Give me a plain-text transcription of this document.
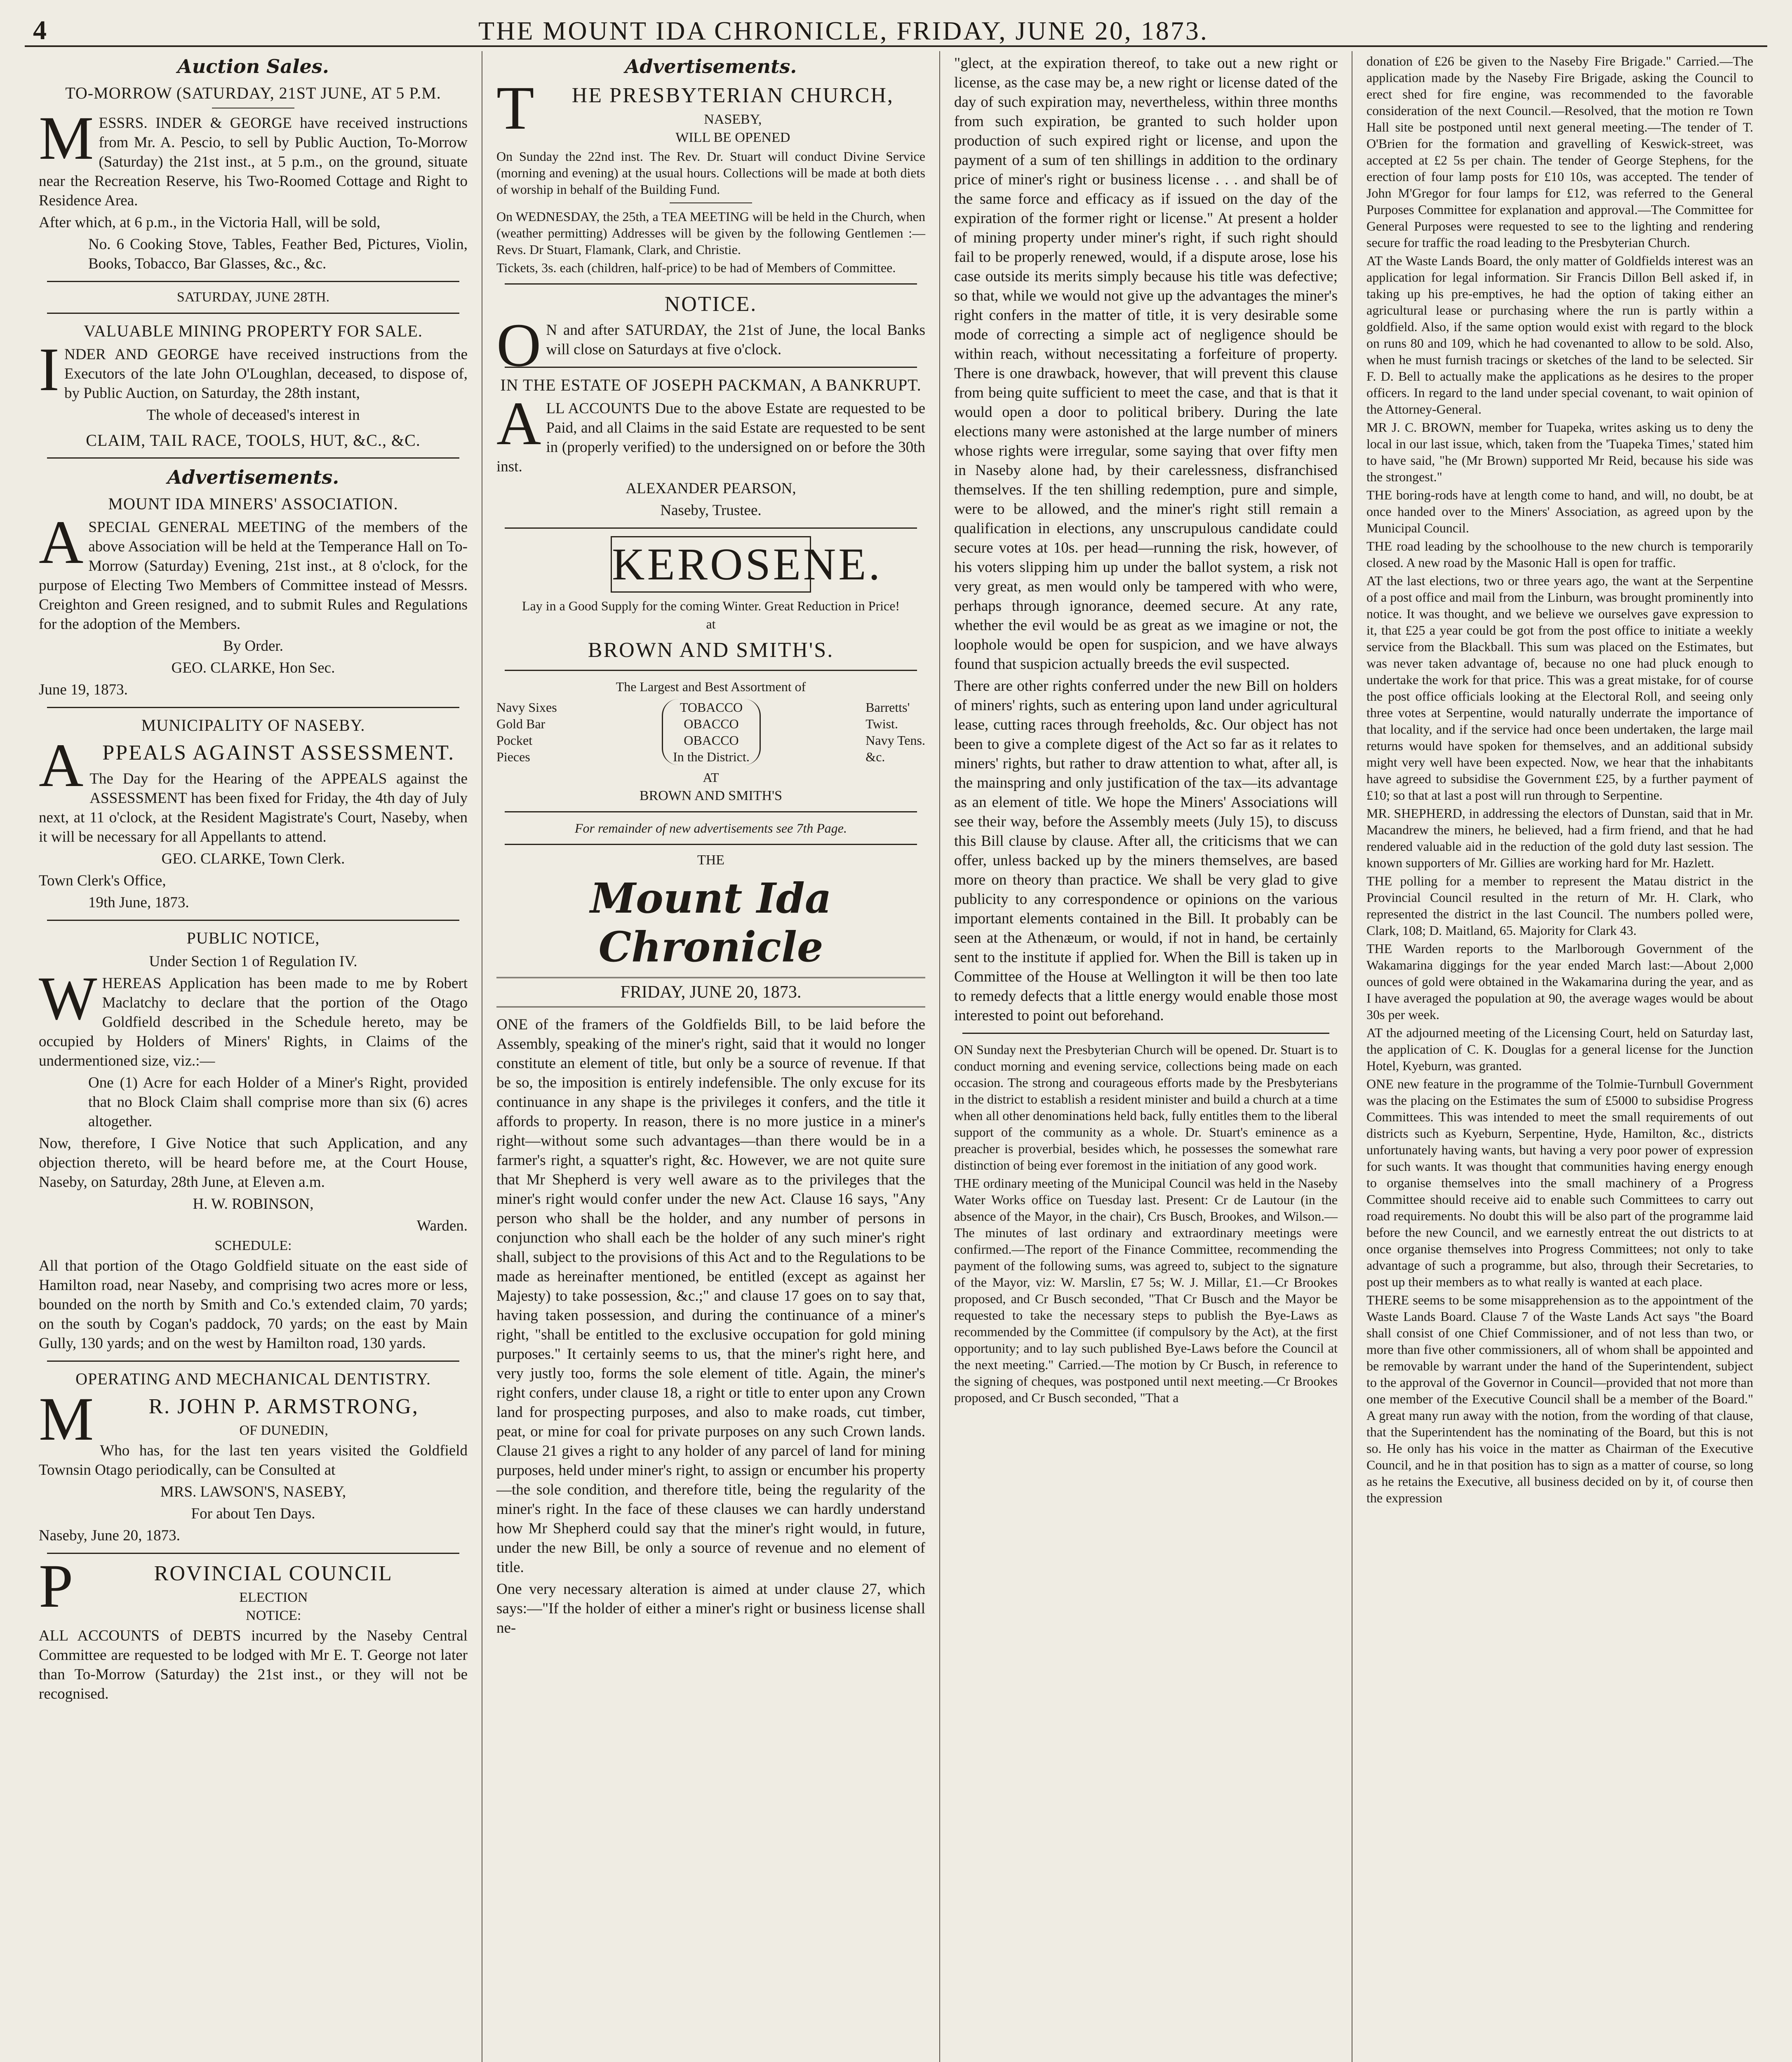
4	THE MOUNT IDA CHRONICLE, FRIDAY, JUNE 20, 1873.
Auction Sales.
TO-MORROW (SATURDAY, 21ST JUNE, AT 5 P.M.

MESSRS. INDER & GEORGE have received instructions from Mr. A. Pescio, to sell by Public Auction, To-Morrow (Saturday) the 21st inst., at 5 p.m., on the ground, situate near the Recreation Reserve, his Two-Roomed Cottage and Right to Residence Area.

After which, at 6 p.m., in the Victoria Hall, will be sold,

No. 6 Cooking Stove, Tables, Feather Bed, Pictures, Violin, Books, Tobacco, Bar Glasses, &c., &c.

SATURDAY, JUNE 28TH.
VALUABLE MINING PROPERTY FOR SALE.

INDER AND GEORGE have received instructions from the Executors of the late John O'Loughlan, deceased, to dispose of, by Public Auction, on Saturday, the 28th instant,

The whole of deceased's interest in

CLAIM, TAIL RACE, TOOLS, HUT, &C., &C.
Advertisements.
MOUNT IDA MINERS' ASSOCIATION.

ASPECIAL GENERAL MEETING of the members of the above Association will be held at the Temperance Hall on To-Morrow (Saturday) Evening, 21st inst., at 8 o'clock, for the purpose of Electing Two Members of Committee instead of Messrs. Creighton and Green resigned, and to submit Rules and Regulations for the adoption of the Members.

By Order.

GEO. CLARKE, Hon Sec.

June 19, 1873.

MUNICIPALITY OF NASEBY.
APPEALS AGAINST ASSESSMENT.

The Day for the Hearing of the APPEALS against the ASSESSMENT has been fixed for Friday, the 4th day of July next, at 11 o'clock, at the Resident Magistrate's Court, Naseby, when it will be necessary for all Appellants to attend.

GEO. CLARKE, Town Clerk.

Town Clerk's Office,

19th June, 1873.

PUBLIC NOTICE,

Under Section 1 of Regulation IV.

WHEREAS Application has been made to me by Robert Maclatchy to declare that the portion of the Otago Goldfield described in the Schedule hereto, may be occupied by Holders of Miners' Rights, in Claims of the undermentioned size, viz.:—

One (1) Acre for each Holder of a Miner's Right, provided that no Block Claim shall comprise more than six (6) acres altogether.

Now, therefore, I Give Notice that such Application, and any objection thereto, will be heard before me, at the Court House, Naseby, on Saturday, 28th June, at Eleven a.m.

H. W. ROBINSON,

Warden.

SCHEDULE:

All that portion of the Otago Goldfield situate on the east side of Hamilton road, near Naseby, and comprising two acres more or less, bounded on the north by Smith and Co.'s extended claim, 70 yards; on the south by Cogan's paddock, 70 yards; on the east by Main Gully, 130 yards; and on the west by Hamilton road, 130 yards.

OPERATING AND MECHANICAL DENTISTRY.
MR. JOHN P. ARMSTRONG,
OF DUNEDIN,

Who has, for the last ten years visited the Goldfield Townsin Otago periodically, can be Consulted at

MRS. LAWSON'S, NASEBY,

For about Ten Days.

Naseby, June 20, 1873.

PROVINCIAL COUNCIL
ELECTION
NOTICE:

ALL ACCOUNTS of DEBTS incurred by the Naseby Central Committee are requested to be lodged with Mr E. T. George not later than To-Morrow (Saturday) the 21st inst., or they will not be recognised.

Advertisements.
THE PRESBYTERIAN CHURCH,
NASEBY,
WILL BE OPENED

On Sunday the 22nd inst. The Rev. Dr. Stuart will conduct Divine Service (morning and evening) at the usual hours. Collections will be made at both diets of worship in behalf of the Building Fund.

On WEDNESDAY, the 25th, a TEA MEETING will be held in the Church, when (weather permitting) Addresses will be given by the following Gentlemen :— Revs. Dr Stuart, Flamank, Clark, and Christie.

Tickets, 3s. each (children, half-price) to be had of Members of Committee.

NOTICE.

ON and after SATURDAY, the 21st of June, the local Banks will close on Saturdays at five o'clock.

IN THE ESTATE OF JOSEPH PACKMAN, A BANKRUPT.

ALL ACCOUNTS Due to the above Estate are requested to be Paid, and all Claims in the said Estate are requested to be sent in (properly verified) to the undersigned on or before the 30th inst.

ALEXANDER PEARSON,

Naseby, Trustee.

KEROSENE.

Lay in a Good Supply for the coming Winter. Great Reduction in Price!

at

BROWN AND SMITH'S.

The Largest and Best Assortment of

Navy Sixes
Gold Bar
Pocket
Pieces
TOBACCO
OBACCO
OBACCO
In the District.
Barretts'
Twist.
Navy Tens.
&c.

AT

BROWN AND SMITH'S

For remainder of new advertisements see 7th Page.

THE
Mount Ida Chronicle
FRIDAY, JUNE 20, 1873.

ONE of the framers of the Goldfields Bill, to be laid before the Assembly, speaking of the miner's right, said that it would no longer constitute an element of title, but only be a source of revenue. If that be so, the imposition is entirely indefensible. The only excuse for its continuance in any shape is the privileges it confers, and the title it affords to property. In reason, there is no more justice in a miner's right—without some such advantages—than there would be in a farmer's right, a squatter's right, &c. However, we are not quite sure that Mr Shepherd is very well aware as to the privileges that the miner's right would confer under the new Act. Clause 16 says, "Any person who shall be the holder, and any number of persons in conjunction who shall each be the holder of any such miner's right shall, subject to the provisions of this Act and to the Regulations to be made as hereinafter mentioned, be entitled (except as against her Majesty) to take possession, &c.;" and clause 17 goes on to say that, having taken possession, and during the continuance of a miner's right, "shall be entitled to the exclusive occupation for gold mining purposes." It certainly seems to us, that the miner's right here, and very justly too, forms the sole element of title. Again, the miner's right confers, under clause 18, a right or title to enter upon any Crown land for prospecting purposes, and also to make roads, cut timber, peat, or mine for coal for private purposes on any such Crown lands. Clause 21 gives a right to any holder of any parcel of land for mining purposes, held under miner's right, to assign or encumber his property—the sole condition, and therefore title, being the regularity of the miner's right. In the face of these clauses we can hardly understand how Mr Shepherd could say that the miner's right would, in future, under the new Bill, be only a source of revenue and no element of title.

One very necessary alteration is aimed at under clause 27, which says:—"If the holder of either a miner's right or business license shall ne-

"glect, at the expiration thereof, to take out a new right or license, as the case may be, a new right or license dated of the day of such expiration may, nevertheless, within three months from such expiration, be granted to such holder upon production of such expired right or license, and upon the payment of a sum of ten shillings in addition to the ordinary price of miner's right or business license . . . and shall be of the same force and efficacy as if issued on the day of the expiration of the former right or license." At present a holder of mining property under miner's right, if such right should fail to be properly renewed, would, if a dispute arose, lose his case outside its merits simply because his title was defective; so that, while we would not give up the advantages the miner's right confers in the matter of title, it is very desirable some mode of correcting a simple act of negligence should be within reach, without necessitating a forfeiture of property. There is one drawback, however, that will prevent this clause from being quite sufficient to meet the case, and that is that it would open a door to political bribery. During the late elections many were astonished at the large number of miners whose rights were irregular, some saying that over fifty men in Naseby alone had, by their carelessness, disfranchised themselves. If the ten shilling redemption, pure and simple, were to be allowed, and the miner's right still remain a qualification in elections, any unscrupulous candidate could secure votes at 10s. per head—running the risk, however, of his voters slipping him up under the ballot system, a risk not very great, as men would only be tampered with who were, perhaps through ignorance, deemed secure. At any rate, whether the evil would be as great as we imagine or not, the loophole would be open for suspicion, and we have always found that suspicion actually breeds the evil suspected.

There are other rights conferred under the new Bill on holders of miners' rights, such as entering upon land under agricultural lease, cutting races through freeholds, &c. Our object has not been to give a complete digest of the Act so far as it relates to miners' rights, but rather to draw attention to what, after all, is the mainspring and only justification of the tax—its advantage as an element of title. We hope the Miners' Associations will see their way, before the Assembly meets (July 15), to discuss this Bill clause by clause. After all, the criticisms that we can offer, unless backed up by the miners themselves, are based more on theory than practice. We shall be very glad to give publicity to any correspondence or opinions on the various important elements contained in the Bill. It probably can be seen at the Athenæum, or would, if not in hand, be certainly sent to the institute if applied for. When the Bill is taken up in Committee of the House at Wellington it will be then too late to remedy defects that a little energy would enable those most interested to point out beforehand.

ON Sunday next the Presbyterian Church will be opened. Dr. Stuart is to conduct morning and evening service, collections being made on each occasion. The strong and courageous efforts made by the Presbyterians in the district to establish a resident minister and build a church at a time when all other denominations held back, fully entitles them to the liberal support of the community as a whole. Dr. Stuart's eminence as a preacher is proverbial, besides which, he possesses the somewhat rare distinction of being ever foremost in the initiation of any good work.

THE ordinary meeting of the Municipal Council was held in the Naseby Water Works office on Tuesday last. Present: Cr de Lautour (in the absence of the Mayor, in the chair), Crs Busch, Brookes, and Wilson.—The minutes of last ordinary and extraordinary meetings were confirmed.—The report of the Finance Committee, recommending the payment of the following sums, was agreed to, subject to the signature of the Mayor, viz: W. Marslin, £7 5s; W. J. Millar, £1.—Cr Brookes proposed, and Cr Busch seconded, "That Cr Busch and the Mayor be requested to take the necessary steps to publish the Bye-Laws as recommended by the Committee (if compulsory by the Act), at the first opportunity; and to lay such published Bye-Laws before the Council at the next meeting." Carried.—The motion by Cr Busch, in reference to the signing of cheques, was postponed until next meeting.—Cr Brookes proposed, and Cr Busch seconded, "That a

donation of £26 be given to the Naseby Fire Brigade." Carried.—The application made by the Naseby Fire Brigade, asking the Council to erect shed for fire engine, was recommended to the favorable consideration of the next Council.—Resolved, that the motion re Town Hall site be postponed until next general meeting.—The tender of T. O'Brien for the formation and gravelling of Keswick-street, was accepted at £2 5s per chain. The tender of George Stephens, for the erection of four lamp posts for £10 10s, was accepted. The tender of John M'Gregor for four lamps for £12, was referred to the General Purposes Committee for explanation and approval.—The Committee for General Purposes were requested to see to the lighting and rendering secure for traffic the road leading to the Presbyterian Church.

AT the Waste Lands Board, the only matter of Goldfields interest was an application for legal information. Sir Francis Dillon Bell asked if, in taking up his pre-emptives, he had the option of taking either an agricultural lease or purchasing where the run is partly within a goldfield. Also, if the same option would exist with regard to the block on runs 80 and 109, which he had covenanted to allow to be sold. Also, when he must furnish tracings or sketches of the land to be selected. Sir F. D. Bell to actually make the applications as he desires to the proper officers. In regard to the land under special covenant, to wait opinion of the Attorney-General.

MR J. C. BROWN, member for Tuapeka, writes asking us to deny the local in our last issue, which, taken from the 'Tuapeka Times,' stated him to have said, "he (Mr Brown) supported Mr Reid, because his side was the strongest."

THE boring-rods have at length come to hand, and will, no doubt, be at once handed over to the Miners' Association, as agreed upon by the Municipal Council.

THE road leading by the schoolhouse to the new church is temporarily closed. A new road by the Masonic Hall is open for traffic.

AT the last elections, two or three years ago, the want at the Serpentine of a post office and mail from the Linburn, was brought prominently into notice. It was thought, and we believe we ourselves gave expression to it, that £25 a year could be got from the post office to initiate a weekly service from the Blackball. This sum was placed on the Estimates, but was never taken advantage of, because no one had pluck enough to undertake the work for that price. This was a great mistake, for of course the post office officials looking at the Electoral Roll, and seeing only three votes at Serpentine, would naturally underrate the importance of that locality, and if the service had once been undertaken, the large mail returns would have spoken for themselves, and an additional subsidy might very well have been expected. Now, we hear that the inhabitants have agreed to subsidise the Government £25, by a further payment of £10; so that at last a post will run through to Serpentine.

MR. SHEPHERD, in addressing the electors of Dunstan, said that in Mr. Macandrew the miners, he believed, had a firm friend, and that he had rendered valuable aid in the reduction of the gold duty last session. The known supporters of Mr. Gillies are working hard for Mr. Hazlett.

THE polling for a member to represent the Matau district in the Provincial Council resulted in the return of Mr. H. Clark, who represented the district in the last Council. The numbers polled were, Clark, 108; D. Maitland, 65. Majority for Clark 43.

THE Warden reports to the Marlborough Government of the Wakamarina diggings for the year ended March last:—About 2,000 ounces of gold were obtained in the Wakamarina during the year, and as I have averaged the population at 90, the average wages would be about 30s per week.

AT the adjourned meeting of the Licensing Court, held on Saturday last, the application of C. K. Douglas for a general license for the Junction Hotel, Kyeburn, was granted.

ONE new feature in the programme of the Tolmie-Turnbull Government was the placing on the Estimates the sum of £5000 to subsidise Progress Committees. This was intended to meet the small requirements of out districts such as Kyeburn, Serpentine, Hyde, Hamilton, &c., districts unfortunately having wants, but having a very poor power of expression for such wants. It was thought that communities having energy enough to organise themselves into the small machinery of a Progress Committee should receive aid to enable such Committees to carry out road requirements. No doubt this will be also part of the programme laid before the new Council, and we earnestly entreat the out districts to at once organise themselves into Progress Committees; not only to take advantage of such a programme, but also, through their Secretaries, to post up their members as to what really is wanted at each place.

THERE seems to be some misapprehension as to the appointment of the Waste Lands Board. Clause 7 of the Waste Lands Act says "the Board shall consist of one Chief Commissioner, and of not less than two, or more than five other commissioners, all of whom shall be appointed and be removable by warrant under the hand of the Superintendent, subject to the approval of the Governor in Council—provided that not more than one member of the Executive Council shall be a member of the Board." A great many run away with the notion, from the wording of that clause, that the Superintendent has the nominating of the Board, but this is not so. He only has his voice in the matter as Chairman of the Executive Council, and he in that position has to sign as a matter of course, so long as he retains the Executive, all business decided on by it, of course then the expression
